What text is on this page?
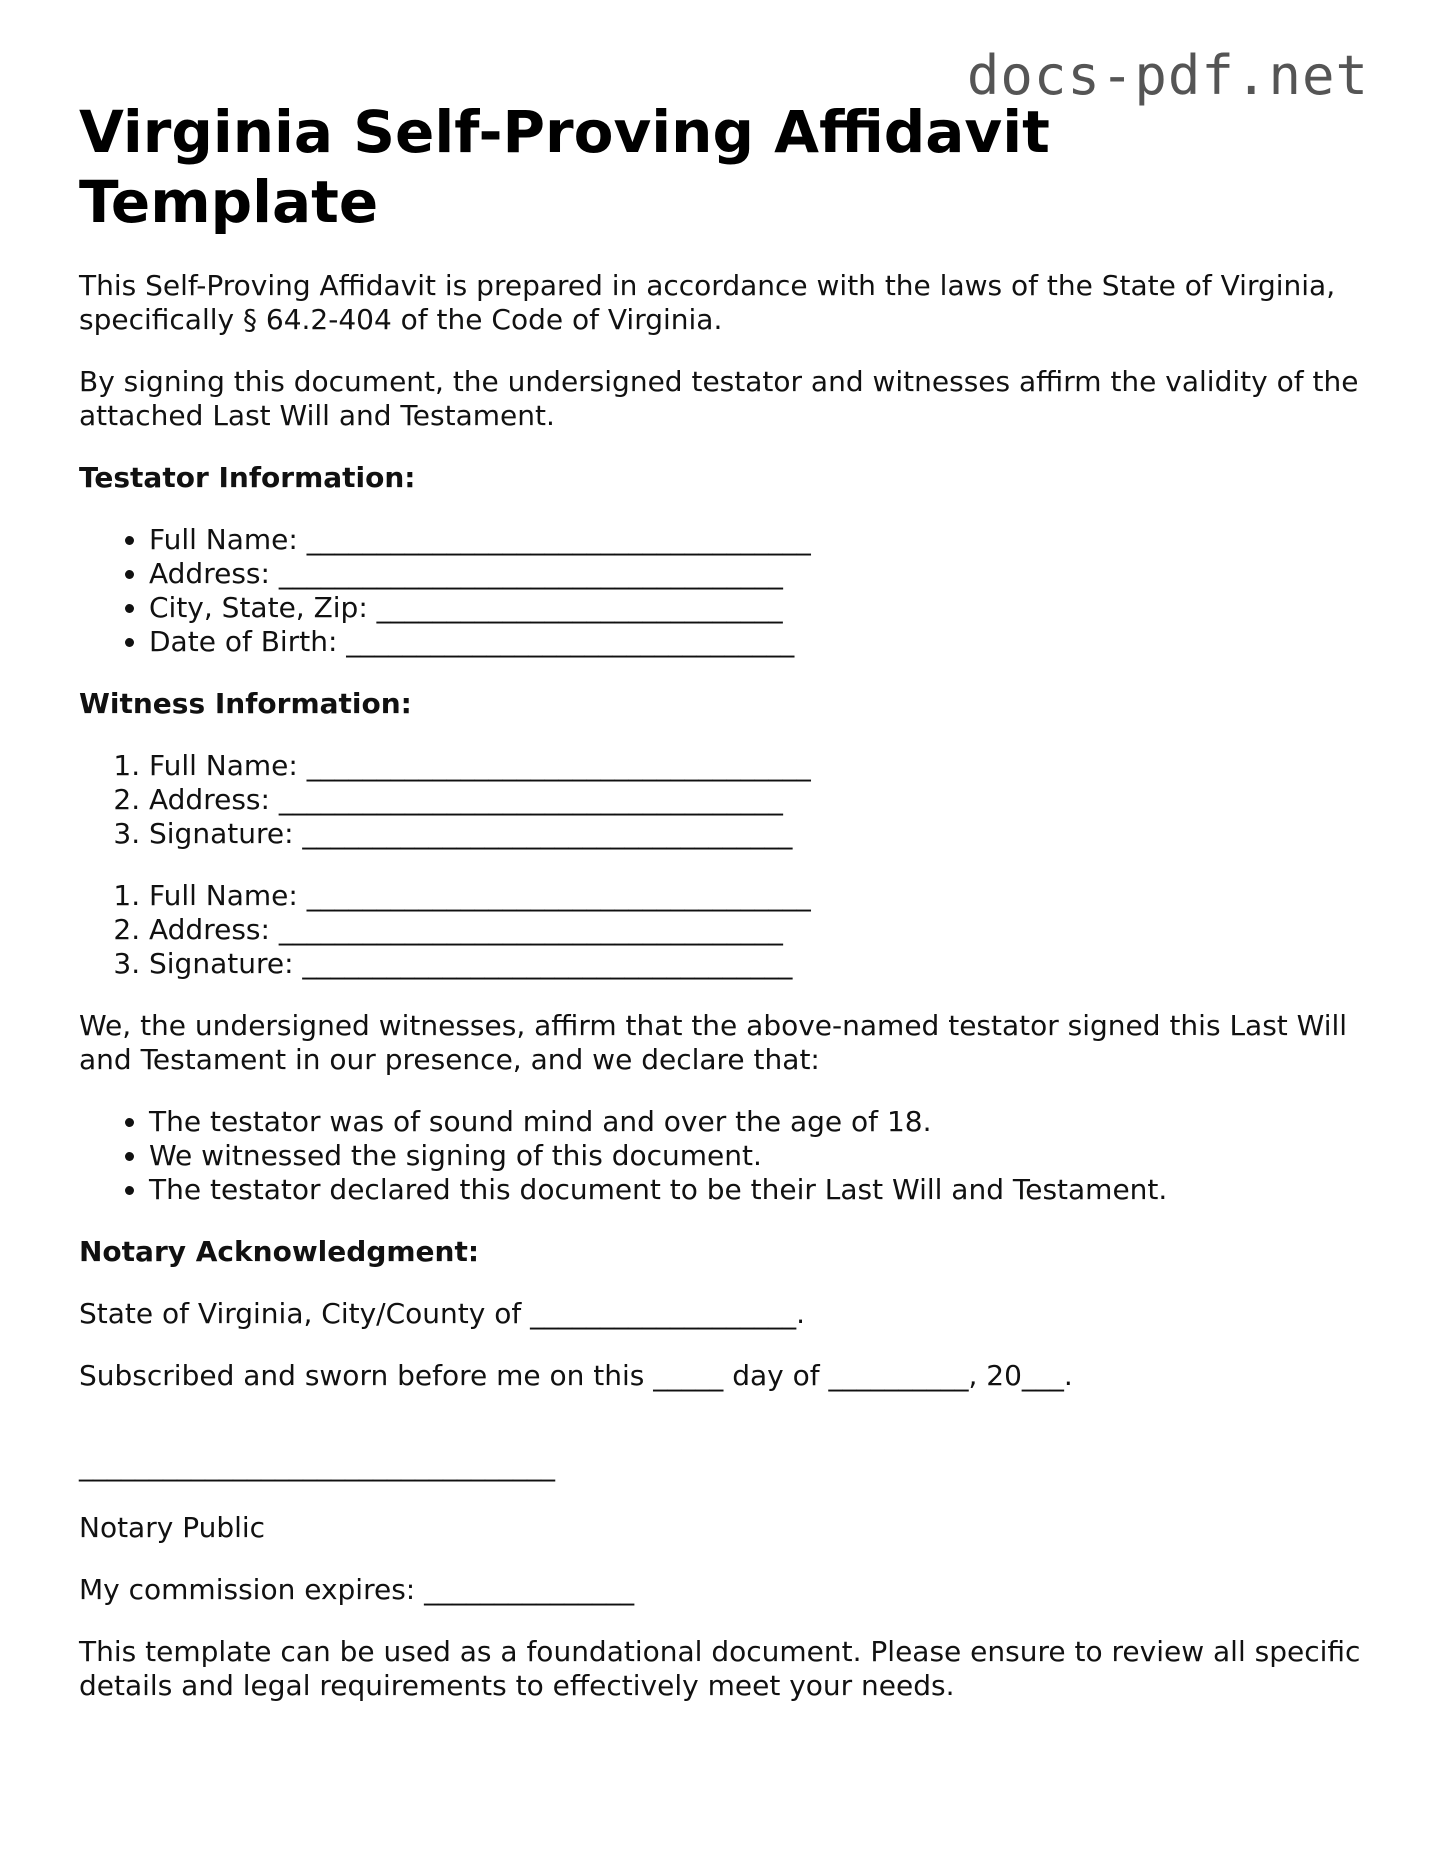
docs-pdf.net
Virginia Self-Proving Affidavit Template

This Self-Proving Affidavit is prepared in accordance with the laws of the State of Virginia, specifically § 64.2-404 of the Code of Virginia.

By signing this document, the undersigned testator and witnesses affirm the validity of the attached Last Will and Testament.

Testator Information:

• Full Name: ____________________________________
• Address: ____________________________________
• City, State, Zip: _____________________________
• Date of Birth: ________________________________

Witness Information:

1. Full Name: ____________________________________
2. Address: ____________________________________
3. Signature: ___________________________________
1. Full Name: ____________________________________
2. Address: ____________________________________
3. Signature: ___________________________________

We, the undersigned witnesses, affirm that the above-named testator signed this Last Will and Testament in our presence, and we declare that:

• The testator was of sound mind and over the age of 18.
• We witnessed the signing of this document.
• The testator declared this document to be their Last Will and Testament.

Notary Acknowledgment:

State of Virginia, City/County of ___________________.

Subscribed and sworn before me on this _____ day of __________, 20___.

__________________________________

Notary Public

My commission expires: _______________

This template can be used as a foundational document. Please ensure to review all specific details and legal requirements to effectively meet your needs.
